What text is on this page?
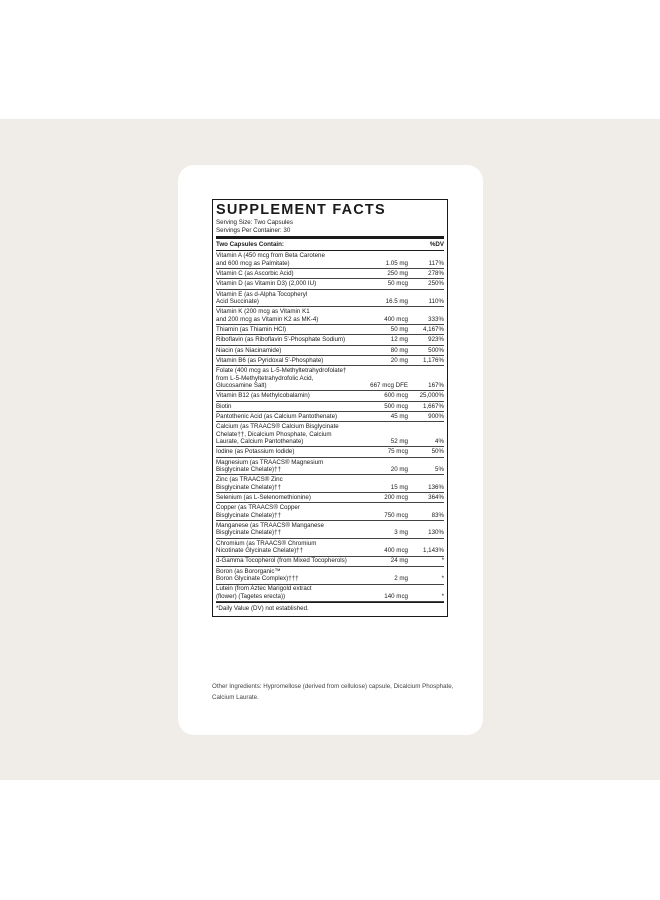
SUPPLEMENT FACTS
Serving Size: Two Capsules
Servings Per Container: 30
Two Capsules Contain:	%DV
Vitamin A (450 mcg from Beta Carotene
and 600 mcg as Palmitate)	1.05 mg	117%
Vitamin C (as Ascorbic Acid)	250 mg	278%
Vitamin D (as Vitamin D3) (2,000 IU)	50 mcg	250%
Vitamin E (as d-Alpha Tocopheryl
Acid Succinate)	16.5 mg	110%
Vitamin K (200 mcg as Vitamin K1
and 200 mcg as Vitamin K2 as MK-4)	400 mcg	333%
Thiamin (as Thiamin HCl)	50 mg	4,167%
Riboflavin (as Riboflavin 5'-Phosphate Sodium)	12 mg	923%
Niacin (as Niacinamide)	80 mg	500%
Vitamin B6 (as Pyridoxal 5'-Phosphate)	20 mg	1,176%
Folate (400 mcg as L-5-Methyltetrahydrofolate†
from L-5-Methyltetrahydrofolic Acid,
Glucosamine Salt)	667 mcg DFE	167%
Vitamin B12 (as Methylcobalamin)	600 mcg	25,000%
Biotin	500 mcg	1,667%
Pantothenic Acid (as Calcium Pantothenate)	45 mg	900%
Calcium (as TRAACS® Calcium Bisglycinate
Chelate††, Dicalcium Phosphate, Calcium
Laurate, Calcium Pantothenate)	52 mg	4%
Iodine (as Potassium Iodide)	75 mcg	50%
Magnesium (as TRAACS® Magnesium
Bisglycinate Chelate)††	20 mg	5%
Zinc (as TRAACS® Zinc
Bisglycinate Chelate)††	15 mg	136%
Selenium (as L-Selenomethionine)	200 mcg	364%
Copper (as TRAACS® Copper
Bisglycinate Chelate)††	750 mcg	83%
Manganese (as TRAACS® Manganese
Bisglycinate Chelate)††	3 mg	130%
Chromium (as TRAACS® Chromium
Nicotinate Glycinate Chelate)††	400 mcg	1,143%
d-Gamma Tocopherol (from Mixed Tocopherols)	24 mg	*
Boron (as Bororganic™
Boron Glycinate Complex)†††	2 mg	*
Lutein (from Aztec Marigold extract
(flower) (Tagetes erecta))	140 mcg	*
*Daily Value (DV) not established.
Other Ingredients: Hypromellose (derived from cellulose) capsule, Dicalcium Phosphate, Calcium Laurate.
